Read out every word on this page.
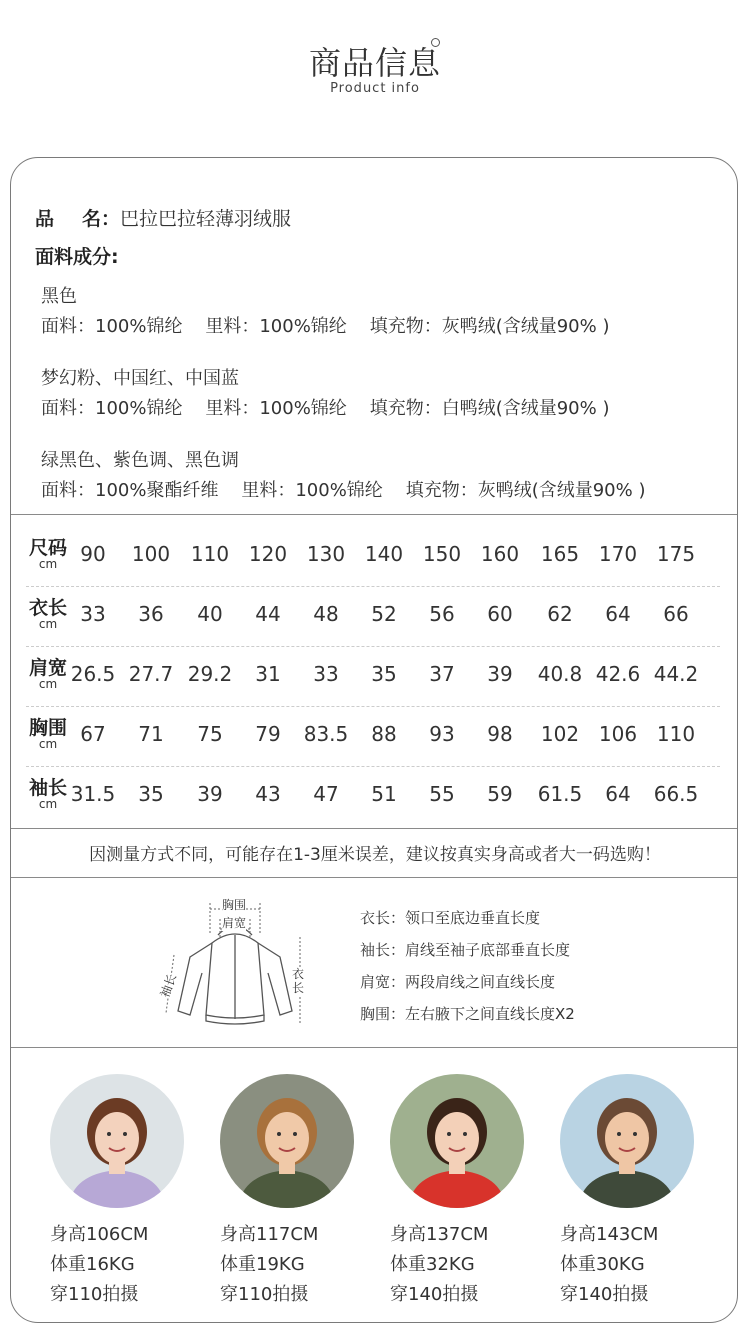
商品信息
Product info
品 名：巴拉巴拉轻薄羽绒服
面料成分:
黑色
面料：100%锦纶    里料：100%锦纶    填充物：灰鸭绒(含绒量90% )
梦幻粉、中国红、中国蓝
面料：100%锦纶    里料：100%锦纶    填充物：白鸭绒(含绒量90% )
绿黑色、紫色调、黑色调
面料：100%聚酯纤维    里料：100%锦纶    填充物：灰鸭绒(含绒量90% )
尺码
cm	90	100	110 120 130 140 150 160	165 170 175
衣长
cm	33	36	40	44	48	52	56	60	62	64	66
肩宽
cm 26.5 27.7 29.2	31	33	35	37	39	40.8 42.6 44.2
胸围
cm	67	71	75	79	83.5	88	93	98	102 106 110
袖长
cm 31.5	35	39	43	47	51	55	59	61.5	64	66.5
因测量方式不同，可能存在1-3厘米误差，建议按真实身高或者大一码选购！
胸围
肩宽
袖长	衣长
衣长：领口至底边垂直长度
袖长：肩线至袖子底部垂直长度
肩宽：两段肩线之间直线长度
胸围：左右腋下之间直线长度X2
身高106CM
体重16KG
穿110拍摄
身高117CM
体重19KG
穿110拍摄
身高137CM
体重32KG
穿140拍摄
身高143CM
体重30KG
穿140拍摄
